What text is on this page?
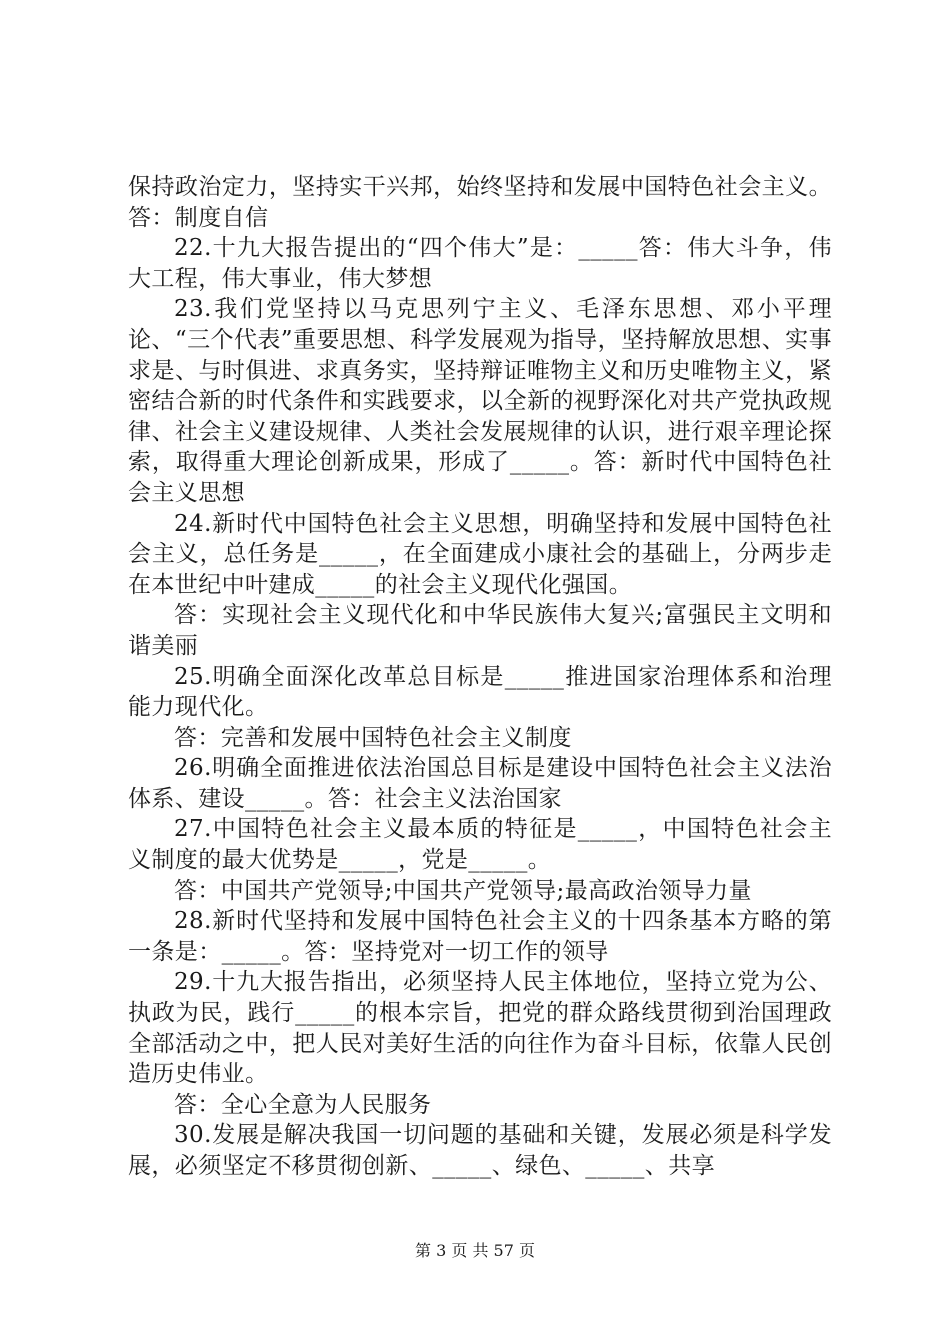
保持政治定力，坚持实干兴邦，始终坚持和发展中国特色社会主义。答：制度自信

22.十九大报告提出的“四个伟大”是：_____答：伟大斗争，伟大工程，伟大事业，伟大梦想

23.我们党坚持以马克思列宁主义、毛泽东思想、邓小平理论、“三个代表”重要思想、科学发展观为指导，坚持解放思想、实事求是、与时俱进、求真务实，坚持辩证唯物主义和历史唯物主义，紧密结合新的时代条件和实践要求，以全新的视野深化对共产党执政规律、社会主义建设规律、人类社会发展规律的认识，进行艰辛理论探索，取得重大理论创新成果，形成了_____。答：新时代中国特色社会主义思想

24.新时代中国特色社会主义思想，明确坚持和发展中国特色社会主义，总任务是_____，在全面建成小康社会的基础上，分两步走在本世纪中叶建成_____的社会主义现代化强国。

答：实现社会主义现代化和中华民族伟大复兴;富强民主文明和谐美丽

25.明确全面深化改革总目标是_____推进国家治理体系和治理能力现代化。

答：完善和发展中国特色社会主义制度

26.明确全面推进依法治国总目标是建设中国特色社会主义法治体系、建设_____。答：社会主义法治国家

27.中国特色社会主义最本质的特征是_____，中国特色社会主义制度的最大优势是_____，党是_____。

答：中国共产党领导;中国共产党领导;最高政治领导力量

28.新时代坚持和发展中国特色社会主义的十四条基本方略的第一条是：_____。答：坚持党对一切工作的领导

29.十九大报告指出，必须坚持人民主体地位，坚持立党为公、执政为民，践行_____的根本宗旨，把党的群众路线贯彻到治国理政全部活动之中，把人民对美好生活的向往作为奋斗目标，依靠人民创造历史伟业。

答：全心全意为人民服务

30.发展是解决我国一切问题的基础和关键，发展必须是科学发展，必须坚定不移贯彻创新、_____、绿色、_____、共享

第 3 页 共 57 页
